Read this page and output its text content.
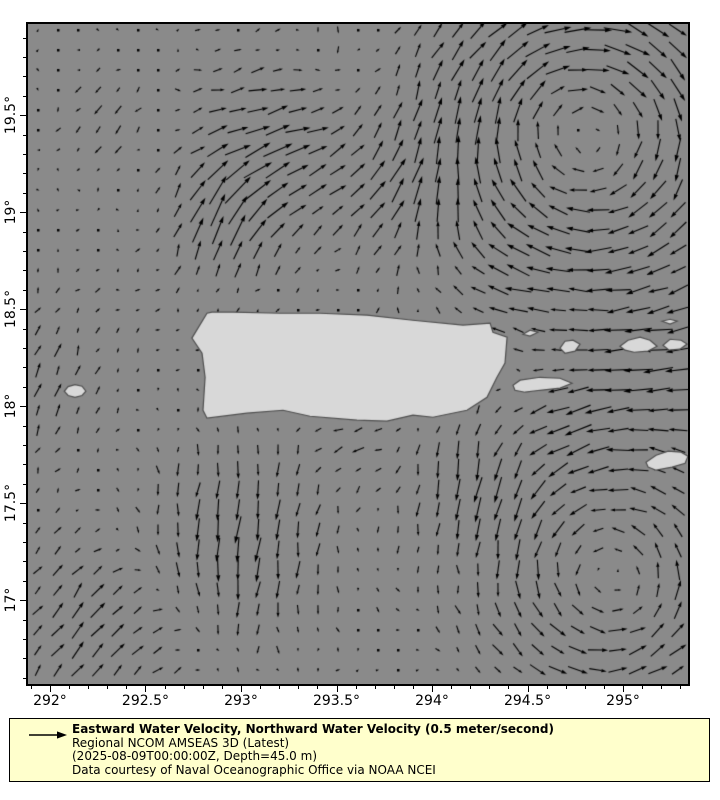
292°	292.5°	293°	293.5°	294°	294.5°	295°
19.5°
19°
18.5°
18°
17.5°
17°
Eastward Water Velocity, Northward Water Velocity (0.5 meter/second)
Regional NCOM AMSEAS 3D (Latest)
(2025-08-09T00:00:00Z, Depth=45.0 m)
Data courtesy of Naval Oceanographic Office via NOAA NCEI
